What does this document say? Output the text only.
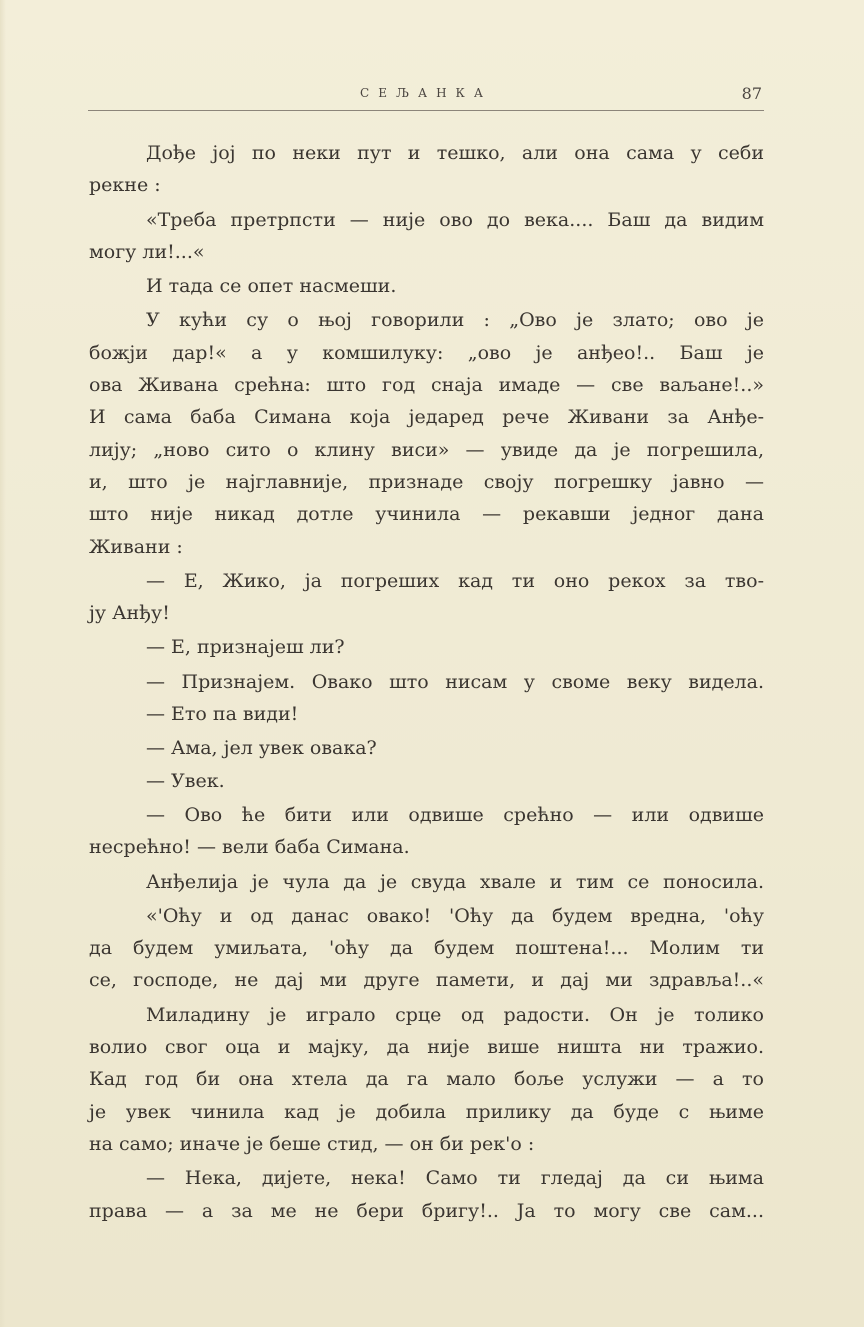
СЕЉАНКА	87
Дође јој по неки пут и тешко, али она сама у себи
рекне :
«Треба претрпсти — није ово до века.... Баш да видим
могу ли!...«
И тада се опет насмеши.
У кући су о њој говорили : „Ово је злато; ово је
божји дар!« а у комшилуку: „ово је анђео!.. Баш је
ова Живана срећна: што год снаја имаде — све ваљане!..»
И сама баба Симана која једаред рече Живани за Анђе-
лију; „ново сито о клину виси» — увиде да је погрешила,
и, што је најглавније, признаде своју погрешку јавно —
што није никад дотле учинила — рекавши једног дана
Живани :
— Е, Жико, ја погреших кад ти оно рекох за тво-
ју Анђу!
— Е, признајеш ли?
— Признајем. Овако што нисам у своме веку видела.
— Ето па види!
— Ама, јел увек овака?
— Увек.
— Ово ће бити или одвише срећно — или одвише
несрећно! — вели баба Симана.
Анђелија је чула да је свуда хвале и тим се поносила.
«'Оћу и од данас овако! 'Оћу да будем вредна, 'оћу
да будем умиљата, 'оћу да будем поштена!... Молим ти
се, господе, не дај ми друге памети, и дај ми здравља!..«
Миладину је играло срце од радости. Он је толико
волио свог оца и мајку, да није више ништа ни тражио.
Кад год би она хтела да га мало боље услужи — а то
је увек чинила кад је добила прилику да буде с њиме
на само; иначе је беше стид, — он би рек'о :
— Нека, дијете, нека! Само ти гледај да си њима
права — а за ме не бери бригу!.. Ја то могу све сам...
